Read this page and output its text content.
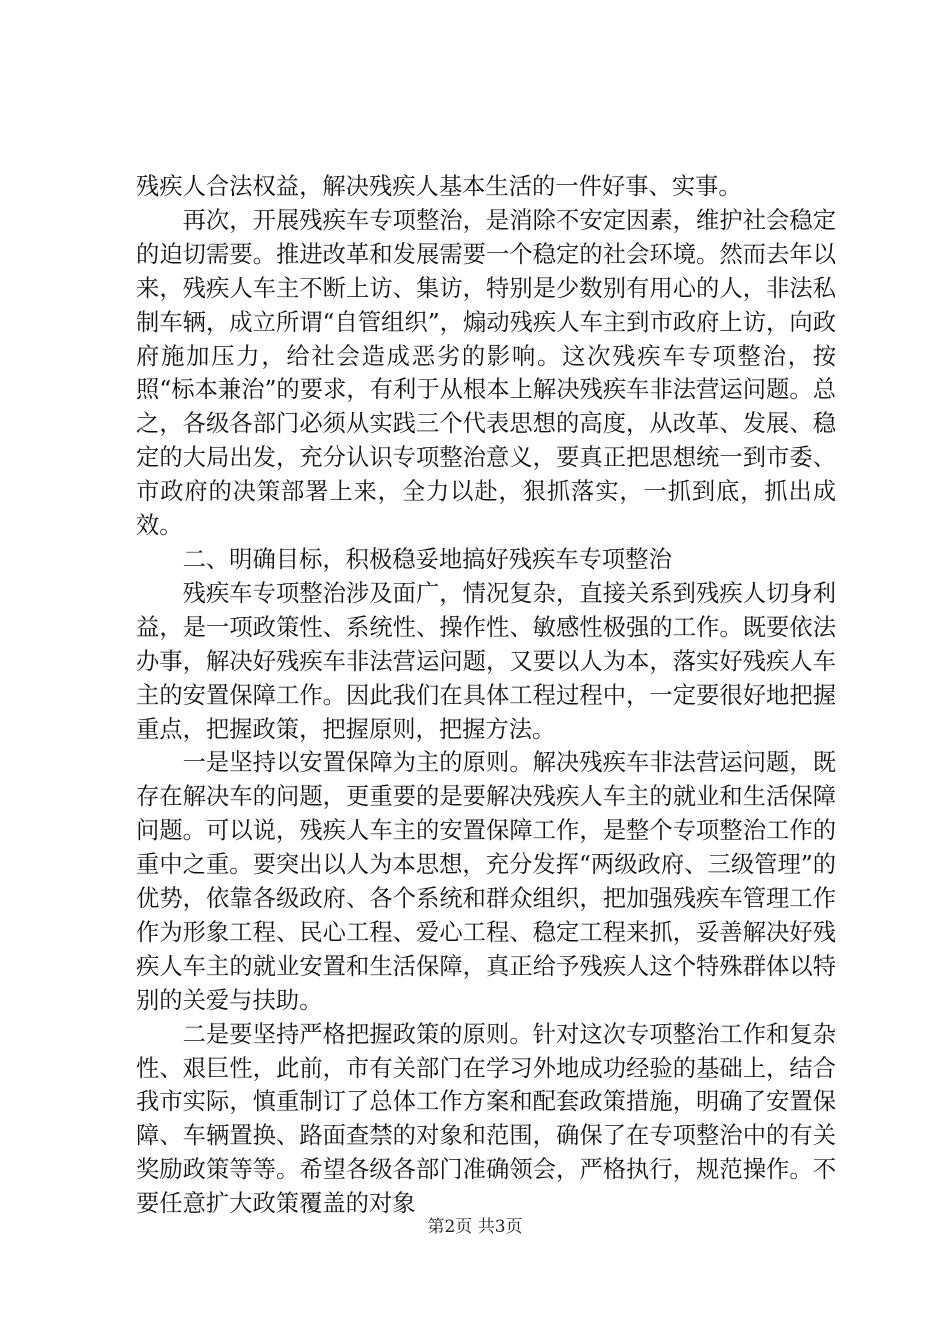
残疾人合法权益，解决残疾人基本生活的一件好事、实事。

再次，开展残疾车专项整治，是消除不安定因素，维护社会稳定的迫切需要。推进改革和发展需要一个稳定的社会环境。然而去年以来，残疾人车主不断上访、集访，特别是少数别有用心的人，非法私制车辆，成立所谓“自管组织”，煽动残疾人车主到市政府上访，向政府施加压力，给社会造成恶劣的影响。这次残疾车专项整治，按照“标本兼治”的要求，有利于从根本上解决残疾车非法营运问题。总之，各级各部门必须从实践三个代表思想的高度，从改革、发展、稳定的大局出发，充分认识专项整治意义，要真正把思想统一到市委、市政府的决策部署上来，全力以赴，狠抓落实，一抓到底，抓出成效。

二、明确目标，积极稳妥地搞好残疾车专项整治

残疾车专项整治涉及面广，情况复杂，直接关系到残疾人切身利益，是一项政策性、系统性、操作性、敏感性极强的工作。既要依法办事，解决好残疾车非法营运问题，又要以人为本，落实好残疾人车主的安置保障工作。因此我们在具体工程过程中，一定要很好地把握重点，把握政策，把握原则，把握方法。

一是坚持以安置保障为主的原则。解决残疾车非法营运问题，既存在解决车的问题，更重要的是要解决残疾人车主的就业和生活保障问题。可以说，残疾人车主的安置保障工作，是整个专项整治工作的重中之重。要突出以人为本思想，充分发挥“两级政府、三级管理”的优势，依靠各级政府、各个系统和群众组织，把加强残疾车管理工作作为形象工程、民心工程、爱心工程、稳定工程来抓，妥善解决好残疾人车主的就业安置和生活保障，真正给予残疾人这个特殊群体以特别的关爱与扶助。

二是要坚持严格把握政策的原则。针对这次专项整治工作和复杂性、艰巨性，此前，市有关部门在学习外地成功经验的基础上，结合我市实际，慎重制订了总体工作方案和配套政策措施，明确了安置保障、车辆置换、路面查禁的对象和范围，确保了在专项整治中的有关奖励政策等等。希望各级各部门准确领会，严格执行，规范操作。不要任意扩大政策覆盖的对象

第2页 共3页
